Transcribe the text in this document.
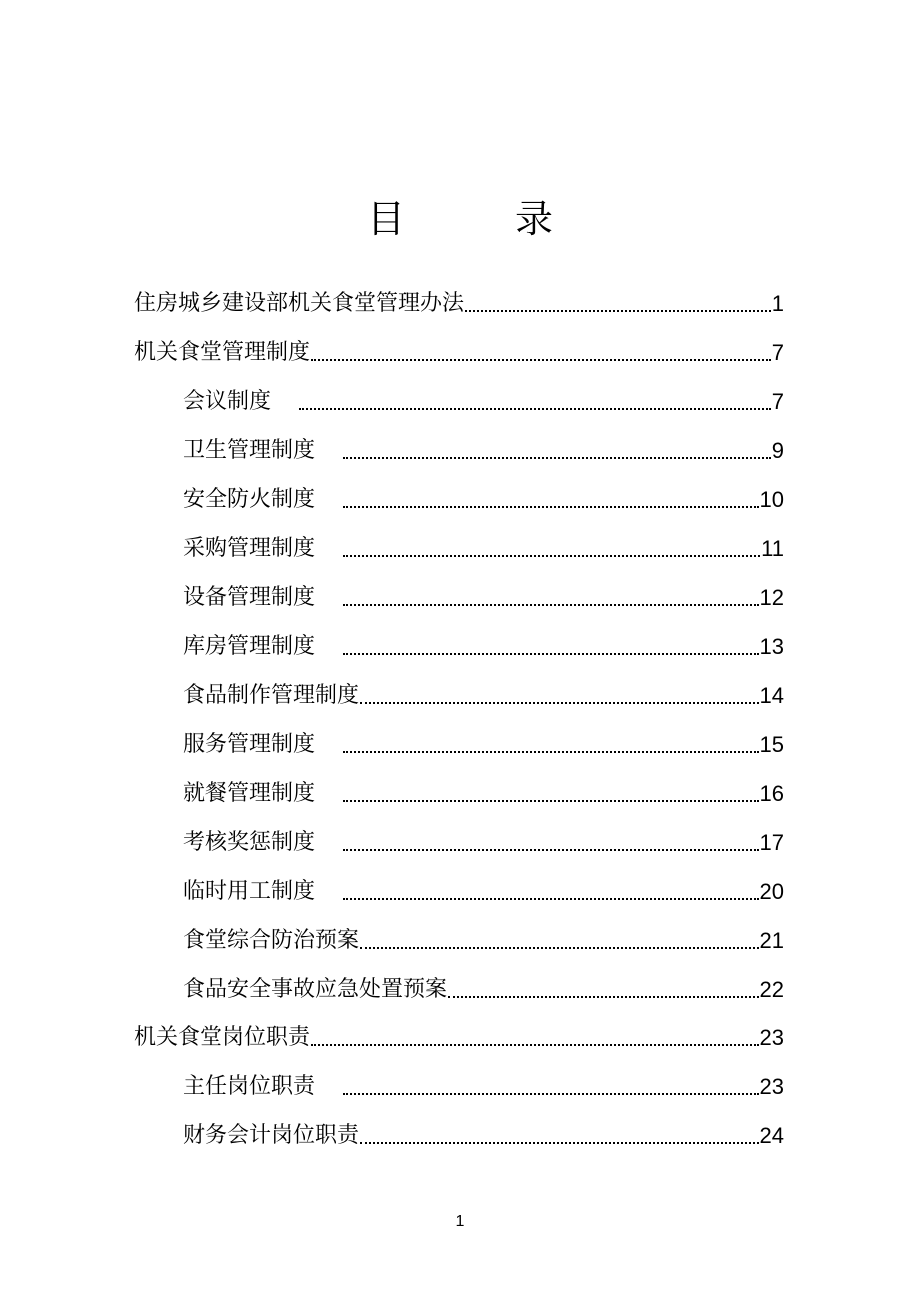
目　录
住房城乡建设部机关食堂管理办法	1
机关食堂管理制度	7
会议制度	7
卫生管理制度	9
安全防火制度	10
采购管理制度	11
设备管理制度	12
库房管理制度	13
食品制作管理制度	14
服务管理制度	15
就餐管理制度	16
考核奖惩制度	17
临时用工制度	20
食堂综合防治预案	21
食品安全事故应急处置预案	22
机关食堂岗位职责	23
主任岗位职责	23
财务会计岗位职责	24
1
